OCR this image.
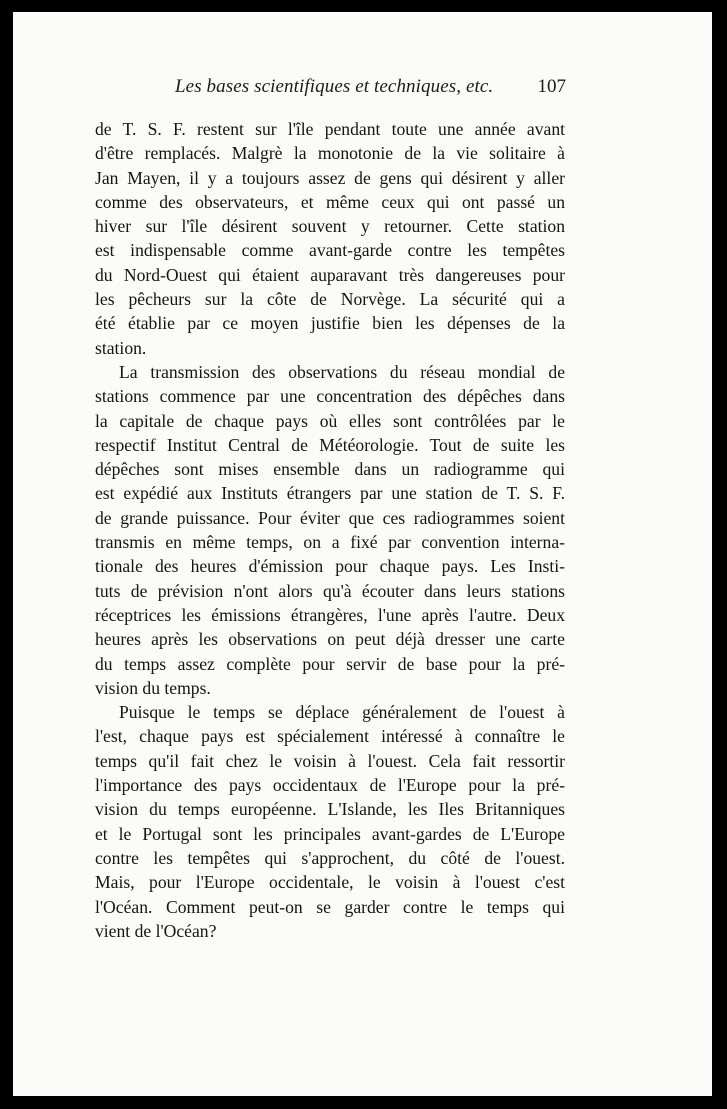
Les bases scientifiques et techniques, etc. 107
de T. S. F. restent sur l'île pendant toute une année avant
d'être remplacés. Malgrè la monotonie de la vie solitaire à
Jan Mayen, il y a toujours assez de gens qui désirent y aller
comme des observateurs, et même ceux qui ont passé un
hiver sur l'île désirent souvent y retourner. Cette station
est indispensable comme avant-garde contre les tempêtes
du Nord-Ouest qui étaient auparavant très dangereuses pour
les pêcheurs sur la côte de Norvège. La sécurité qui a
été établie par ce moyen justifie bien les dépenses de la
station.
La transmission des observations du réseau mondial de
stations commence par une concentration des dépêches dans
la capitale de chaque pays où elles sont contrôlées par le
respectif Institut Central de Météorologie. Tout de suite les
dépêches sont mises ensemble dans un radiogramme qui
est expédié aux Instituts étrangers par une station de T. S. F.
de grande puissance. Pour éviter que ces radiogrammes soient
transmis en même temps, on a fixé par convention interna-
tionale des heures d'émission pour chaque pays. Les Insti-
tuts de prévision n'ont alors qu'à écouter dans leurs stations
réceptrices les émissions étrangères, l'une après l'autre. Deux
heures après les observations on peut déjà dresser une carte
du temps assez complète pour servir de base pour la pré-
vision du temps.
Puisque le temps se déplace généralement de l'ouest à
l'est, chaque pays est spécialement intéressé à connaître le
temps qu'il fait chez le voisin à l'ouest. Cela fait ressortir
l'importance des pays occidentaux de l'Europe pour la pré-
vision du temps européenne. L'Islande, les Iles Britanniques
et le Portugal sont les principales avant-gardes de L'Europe
contre les tempêtes qui s'approchent, du côté de l'ouest.
Mais, pour l'Europe occidentale, le voisin à l'ouest c'est
l'Océan. Comment peut-on se garder contre le temps qui
vient de l'Océan?
